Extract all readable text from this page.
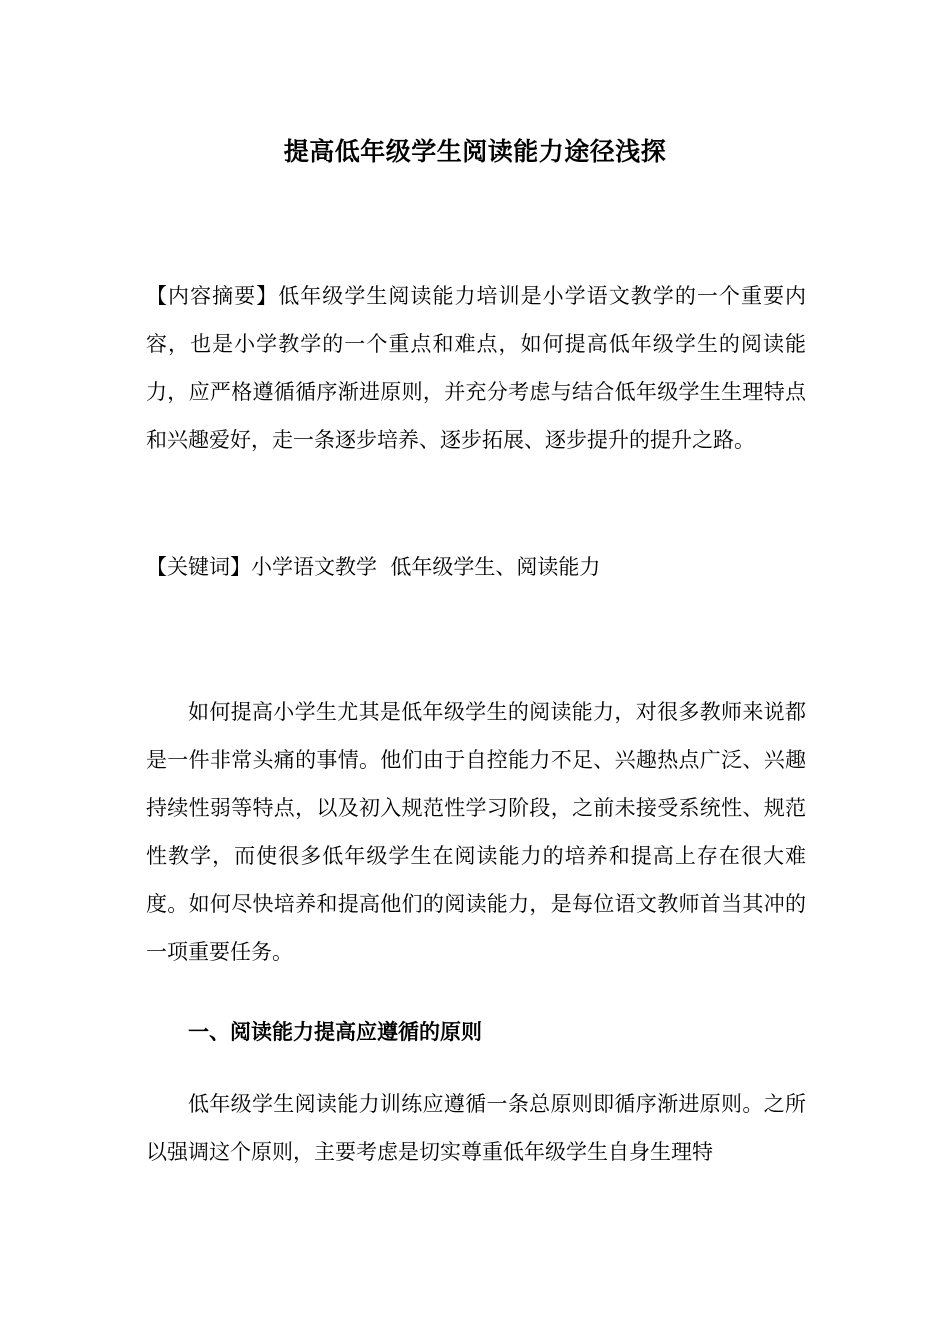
提高低年级学生阅读能力途径浅探
【内容摘要】低年级学生阅读能力培训是小学语文教学的一个重要内容，也是小学教学的一个重点和难点，如何提高低年级学生的阅读能力，应严格遵循循序渐进原则，并充分考虑与结合低年级学生生理特点和兴趣爱好，走一条逐步培养、逐步拓展、逐步提升的提升之路。
【关键词】小学语文教学  低年级学生、阅读能力
如何提高小学生尤其是低年级学生的阅读能力，对很多教师来说都是一件非常头痛的事情。他们由于自控能力不足、兴趣热点广泛、兴趣持续性弱等特点，以及初入规范性学习阶段，之前未接受系统性、规范性教学，而使很多低年级学生在阅读能力的培养和提高上存在很大难度。如何尽快培养和提高他们的阅读能力，是每位语文教师首当其冲的一项重要任务。
一、阅读能力提高应遵循的原则
低年级学生阅读能力训练应遵循一条总原则即循序渐进原则。之所以强调这个原则，主要考虑是切实尊重低年级学生自身生理特
